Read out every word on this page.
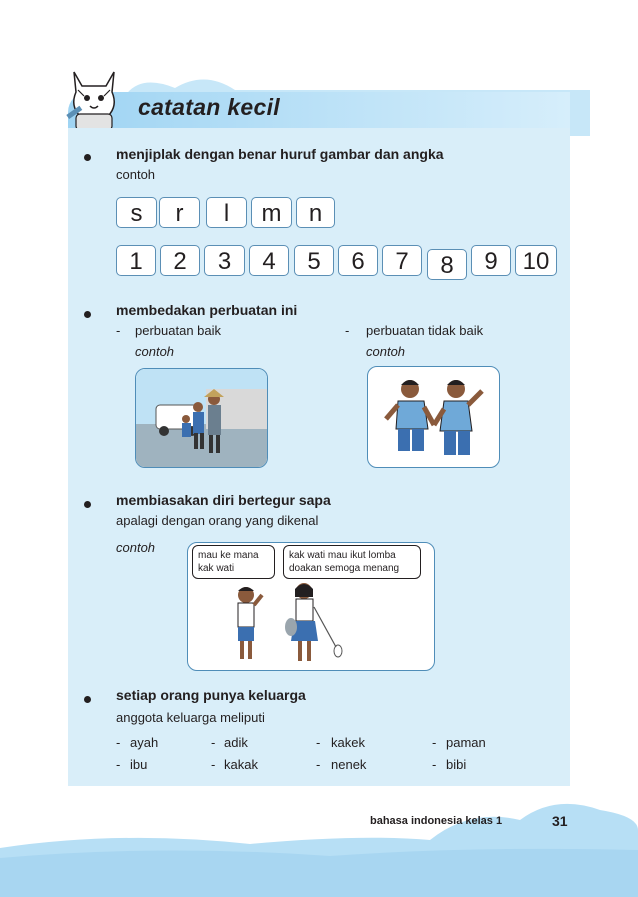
catatan kecil
menjiplak dengan benar huruf gambar dan angka
contoh
s	r	l	m	n
1	2	3	4	5	6	7	8	9	10
membedakan perbuatan ini
- perbuatan baik
contoh
- perbuatan tidak baik
contoh
membiasakan diri bertegur sapa
apalagi dengan orang yang dikenal
contoh
mau ke mana
kak wati
kak wati mau ikut lomba
doakan semoga menang
setiap orang punya keluarga
anggota keluarga meliputi
- ayah	- adik	- kakek	- paman
- ibu	- kakak	- nenek	- bibi
bahasa indonesia kelas 1	31
